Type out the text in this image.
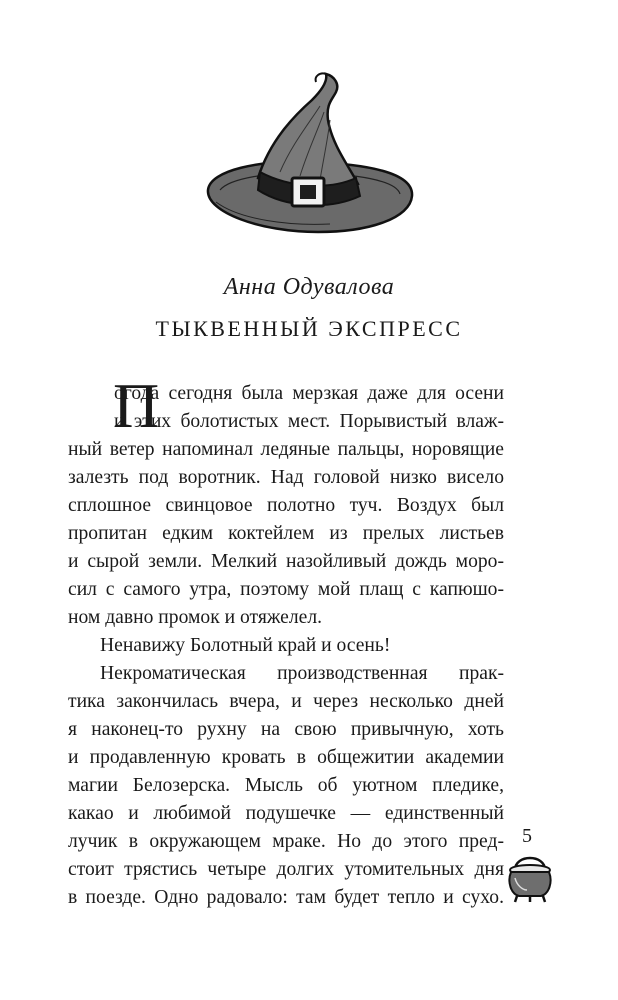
Анна Одувалова
ТЫКВЕННЫЙ ЭКСПРЕСС

П
огода сегодня была мерзкая даже для осени

и этих болотистых мест. Порывистый влаж-

ный ветер напоминал ледяные пальцы, норовящие

залезть под воротник. Над головой низко висело

сплошное свинцовое полотно туч. Воздух был

пропитан едким коктейлем из прелых листьев

и сырой земли. Мелкий назойливый дождь моро-

сил с самого утра, поэтому мой плащ с капюшо-

ном давно промок и отяжелел.

Ненавижу Болотный край и осень!

Некроматическая производственная прак-

тика закончилась вчера, и через несколько дней

я наконец-то рухну на свою привычную, хоть

и продавленную кровать в общежитии академии

магии Белозерска. Мысль об уютном пледике,

какао и любимой подушечке — единственный

лучик в окружающем мраке. Но до этого пред-

стоит трястись четыре долгих утомительных дня

в поезде. Одно радовало: там будет тепло и сухо.

5
